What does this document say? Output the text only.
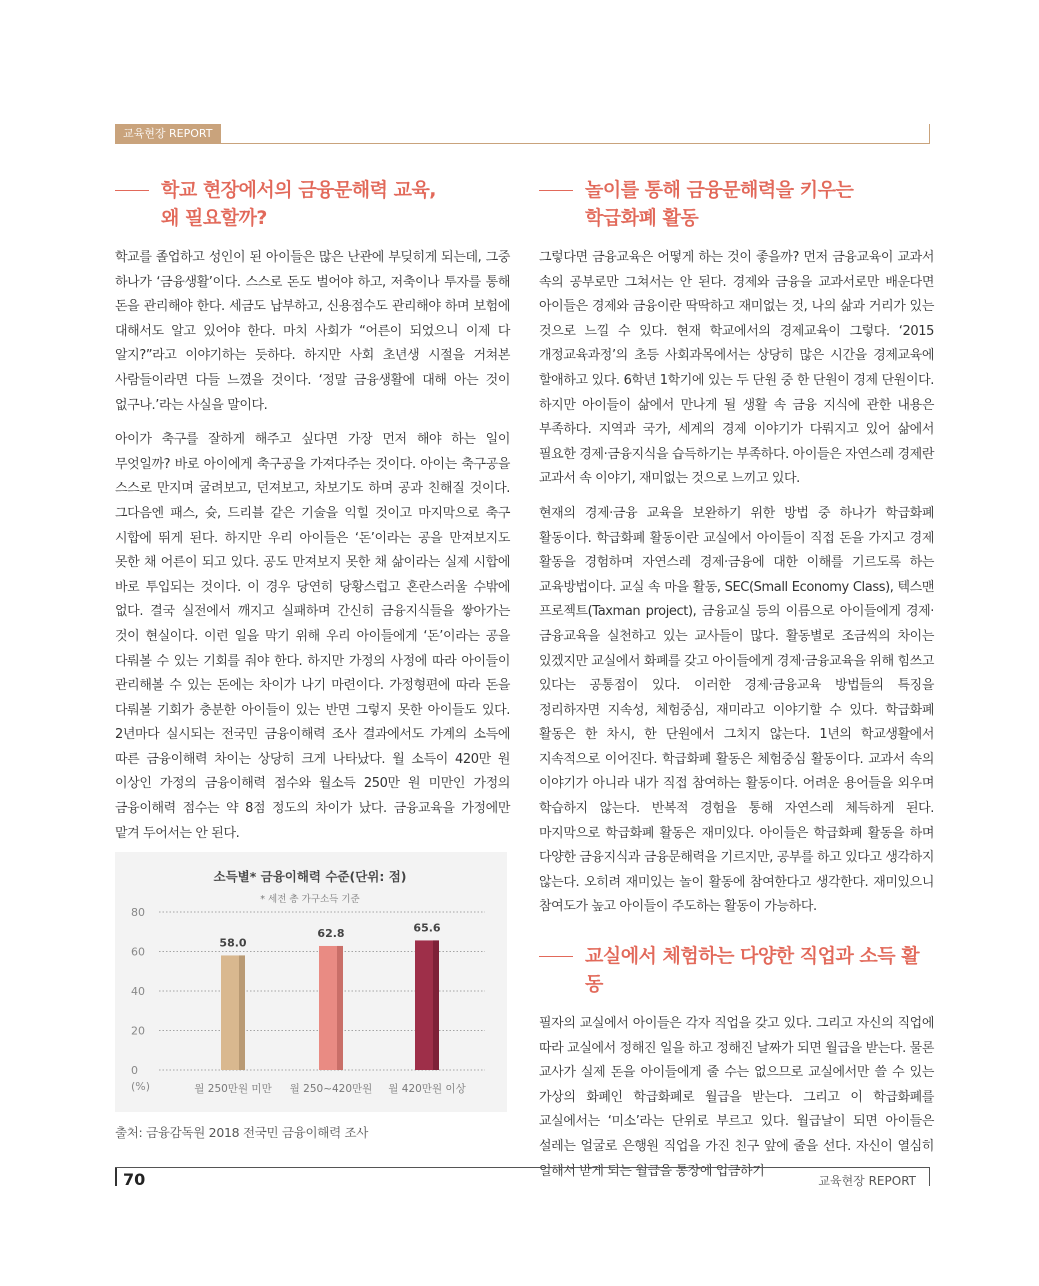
교육현장 REPORT
학교 현장에서의 금융문해력 교육,
왜 필요할까?

학교를 졸업하고 성인이 된 아이들은 많은 난관에 부딪히게 되는데, 그중 하나가 ‘금융생활’이다. 스스로 돈도 벌어야 하고, 저축이나 투자를 통해 돈을 관리해야 한다. 세금도 납부하고, 신용점수도 관리해야 하며 보험에 대해서도 알고 있어야 한다. 마치 사회가 “어른이 되었으니 이제 다 알지?”라고 이야기하는 듯하다. 하지만 사회 초년생 시절을 거쳐본 사람들이라면 다들 느꼈을 것이다. ‘정말 금융생활에 대해 아는 것이 없구나.’라는 사실을 말이다.

아이가 축구를 잘하게 해주고 싶다면 가장 먼저 해야 하는 일이 무엇일까? 바로 아이에게 축구공을 가져다주는 것이다. 아이는 축구공을 스스로 만지며 굴려보고, 던져보고, 차보기도 하며 공과 친해질 것이다. 그다음엔 패스, 슛, 드리블 같은 기술을 익힐 것이고 마지막으로 축구 시합에 뛰게 된다. 하지만 우리 아이들은 ‘돈’이라는 공을 만져보지도 못한 채 어른이 되고 있다. 공도 만져보지 못한 채 삶이라는 실제 시합에 바로 투입되는 것이다. 이 경우 당연히 당황스럽고 혼란스러울 수밖에 없다. 결국 실전에서 깨지고 실패하며 간신히 금융지식들을 쌓아가는 것이 현실이다. 이런 일을 막기 위해 우리 아이들에게 ‘돈’이라는 공을 다뤄볼 수 있는 기회를 줘야 한다. 하지만 가정의 사정에 따라 아이들이 관리해볼 수 있는 돈에는 차이가 나기 마련이다. 가정형편에 따라 돈을 다뤄볼 기회가 충분한 아이들이 있는 반면 그렇지 못한 아이들도 있다. 2년마다 실시되는 전국민 금융이해력 조사 결과에서도 가계의 소득에 따른 금융이해력 차이는 상당히 크게 나타났다. 월 소득이 420만 원 이상인 가정의 금융이해력 점수와 월소득 250만 원 미만인 가정의 금융이해력 점수는 약 8점 정도의 차이가 났다. 금융교육을 가정에만 맡겨 두어서는 안 된다.

소득별* 금융이해력 수준(단위: 점)
* 세전 총 가구소득 기준
80
60
40
20
0
58.0
월 250만원 미만
62.8
월 250~420만원
65.6
월 420만원 이상
(%)
출처: 금융감독원 2018 전국민 금융이해력 조사
놀이를 통해 금융문해력을 키우는
학급화폐 활동

그렇다면 금융교육은 어떻게 하는 것이 좋을까? 먼저 금융교육이 교과서 속의 공부로만 그쳐서는 안 된다. 경제와 금융을 교과서로만 배운다면 아이들은 경제와 금융이란 딱딱하고 재미없는 것, 나의 삶과 거리가 있는 것으로 느낄 수 있다. 현재 학교에서의 경제교육이 그렇다. ‘2015 개정교육과정’의 초등 사회과목에서는 상당히 많은 시간을 경제교육에 할애하고 있다. 6학년 1학기에 있는 두 단원 중 한 단원이 경제 단원이다. 하지만 아이들이 삶에서 만나게 될 생활 속 금융 지식에 관한 내용은 부족하다. 지역과 국가, 세계의 경제 이야기가 다뤄지고 있어 삶에서 필요한 경제·금융지식을 습득하기는 부족하다. 아이들은 자연스레 경제란 교과서 속 이야기, 재미없는 것으로 느끼고 있다.

현재의 경제·금융 교육을 보완하기 위한 방법 중 하나가 학급화폐 활동이다. 학급화폐 활동이란 교실에서 아이들이 직접 돈을 가지고 경제 활동을 경험하며 자연스레 경제·금융에 대한 이해를 기르도록 하는 교육방법이다. 교실 속 마을 활동, SEC(Small Economy Class), 텍스맨 프로젝트(Taxman project), 금융교실 등의 이름으로 아이들에게 경제·금융교육을 실천하고 있는 교사들이 많다. 활동별로 조금씩의 차이는 있겠지만 교실에서 화폐를 갖고 아이들에게 경제·금융교육을 위해 힘쓰고 있다는 공통점이 있다. 이러한 경제·금융교육 방법들의 특징을 정리하자면 지속성, 체험중심, 재미라고 이야기할 수 있다. 학급화폐 활동은 한 차시, 한 단원에서 그치지 않는다. 1년의 학교생활에서 지속적으로 이어진다. 학급화폐 활동은 체험중심 활동이다. 교과서 속의 이야기가 아니라 내가 직접 참여하는 활동이다. 어려운 용어들을 외우며 학습하지 않는다. 반복적 경험을 통해 자연스레 체득하게 된다. 마지막으로 학급화폐 활동은 재미있다. 아이들은 학급화폐 활동을 하며 다양한 금융지식과 금융문해력을 기르지만, 공부를 하고 있다고 생각하지 않는다. 오히려 재미있는 놀이 활동에 참여한다고 생각한다. 재미있으니 참여도가 높고 아이들이 주도하는 활동이 가능하다.

교실에서 체험하는 다양한 직업과 소득 활동

필자의 교실에서 아이들은 각자 직업을 갖고 있다. 그리고 자신의 직업에 따라 교실에서 정해진 일을 하고 정해진 날짜가 되면 월급을 받는다. 물론 교사가 실제 돈을 아이들에게 줄 수는 없으므로 교실에서만 쓸 수 있는 가상의 화폐인 학급화폐로 월급을 받는다. 그리고 이 학급화폐를 교실에서는 ‘미소’라는 단위로 부르고 있다. 월급날이 되면 아이들은 설레는 얼굴로 은행원 직업을 가진 친구 앞에 줄을 선다. 자신이 열심히 일해서 받게 되는 월급을 통장에 입금하기

70	교육현장 REPORT
